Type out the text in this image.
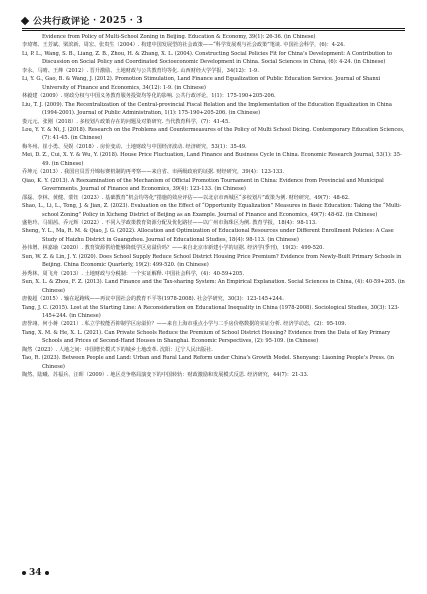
公共行政评论 · 2025 · 3

Evidence from Policy of Multi-School Zoning in Beijing. Education & Economy, 39(1): 26-36. (in Chinese)

李琦骞、王芳斌、梁滨新、周宏、张贵生（2004）. 构建中国发展型的社会政策——“科学发展观与社会政策”笔谈. 中国社会科学，(6)：4-24.

Li, P. L., Wang, S. B., Liang, Z. B., Zhou, H. & Zhang, X. L. (2004). Constructing Social Policies Fit for China’s Development: A Contribution to Discussion on Social Policy and Coordinated Socioeconomic Development in China. Social Sciences in China, (6): 4-24. (in Chinese)

李永、马晴、王烽（2012）. 晋升激励、土地财政与公共教育均等化. 山西财经大学学报，34(12)：1-9.

Li, Y. G., Gao, B. & Wang, J. (2012). Promotion Stimulation, Land Finance and Equalization of Public Education Service. Journal of Shanxi University of Finance and Economics, 34(12): 1-9. (in Chinese)

林毅建（2009）. 财政分权与中国义务教育服务投资均等化的影响. 公共行政评论，1(1)：175-190+205-206.

Liu, T. J. (2009). The Recentralization of the Central-provincial Fiscal Relation and the Implementation of the Education Equalization in China (1994-2001). Journal of Public Administration, 1(1): 175-190+205-206. (in Chinese)

娄元元、张刚（2018）. 多校划片政策存在的问题及对策研究. 当代教育科学，(7)：41-45.

Lou, Y. Y. & Ni, J. (2018). Research on the Problems and Countermeasures of the Policy of Multi School Dicing. Contemporary Education Sciences, (7): 41-45. (in Chinese)

梅冬州、崔小勇、吴娱（2018）. 房价变动、土地财政与中国经济波动. 经济研究，53(1)：35-49.

Mei, D. Z., Cui, X. Y. & Wu, Y. (2018). House Price Fluctuation, Land Finance and Business Cycle in China. Economic Research Journal, 53(1): 35-49. (in Chinese)

乔坤元（2013）. 我国官员晋升锦标赛机制的再考察——来自省、市两级政府的证据. 财经研究，39(4)：123-133.

Qiao, K. Y. (2013). A Reexamination of the Mechanism of Official Promotion Tournament in China: Evidence from Provincial and Municipal Governments. Journal of Finance and Economics, 39(4): 123-133. (in Chinese)

邵磊、李林、黄健、蒙钰（2023）. 基础教育“机会均等化”措施的效应评估——以北京市西城区“多校划片”政策为例. 财经研究，49(7)：48-62.

Shao, L., Li, L., Tong, J. & Jian, Z. (2023). Evaluation on the Effect of “Opportunity Equalization” Measures in Basic Education: Taking the “Multi-school Zoning” Policy in Xicheng District of Beijing as an Example. Journal of Finance and Economics, 49(7): 48-62. (in Chinese)

盛艳玲、马娟茜、乔元辉（2022）. 不同入学政策教育资源分配及优化路径——以广州市海珠区为例. 教育学报，18(4)：98-113.

Sheng, Y. L., Ma, R. M. & Qiao, J. G. (2022). Allocation and Optimization of Educational Resources under Different Enrollment Policies: A Case Study of Haizhu District in Guangzhou. Journal of Educational Studies, 18(4): 98-113. (in Chinese)

孙伟增、林嘉瑜（2020）. 教育资源供给能够降低学区房溢价吗？——来自北京市新建小学的证据. 经济学(季刊)，19(2)：499-520.

Sun, W. Z. & Lin, J. Y. (2020). Does School Supply Reduce School District Housing Price Premium? Evidence from Newly-Built Primary Schools in Beijing. China Economic Quarterly, 19(2): 499-520. (in Chinese)

孙秀林、周飞舟（2013）. 土地财政与分税制：一个实证解释. 中国社会科学，(4)：40-59+205.

Sun, X. L. & Zhou, F. Z. (2013). Land Finance and the Tax-sharing System: An Empirical Explanation. Social Sciences in China, (4): 40-59+205. (in Chinese)

唐俊超（2015）. 输在起跑线——再议中国社会的教育不平等(1978-2008). 社会学研究，30(3)：123-145+244.

Tang, J. C. (2015). Lost at the Starting Line: A Reconsideration on Educational Inequality in China (1978-2008). Sociological Studies, 30(3): 123-145+244. (in Chinese)

唐誉翊、何小蒋（2021）. 私立学校能否抑制学区房溢价？——来自上海市重点小学与二手房价格数据的实证分析. 经济学动态，(2)：95-109.

Tang, X. M. & He, X. L. (2021). Can Private Schools Reduce the Premium of School District Housing? Evidence from the Data of Key Primary Schools and Prices of Second-Hand Houses in Shanghai. Economic Perspectives, (2): 95-109. (in Chinese)

陶然（2023）. 人地之间：中国增长模式下的城乡土地改革. 沈阳：辽宁人民出版社.

Tao, R. (2023). Between People and Land: Urban and Rural Land Reform under China’s Growth Model. Shenyang: Liaoning People’s Press. (in Chinese)

陶然、陆曦、苏福兵、汪晖（2009）. 地区竞争格局演变下的中国转轨：财政激励和发展模式反思. 经济研究，44(7)：21-33.

34
